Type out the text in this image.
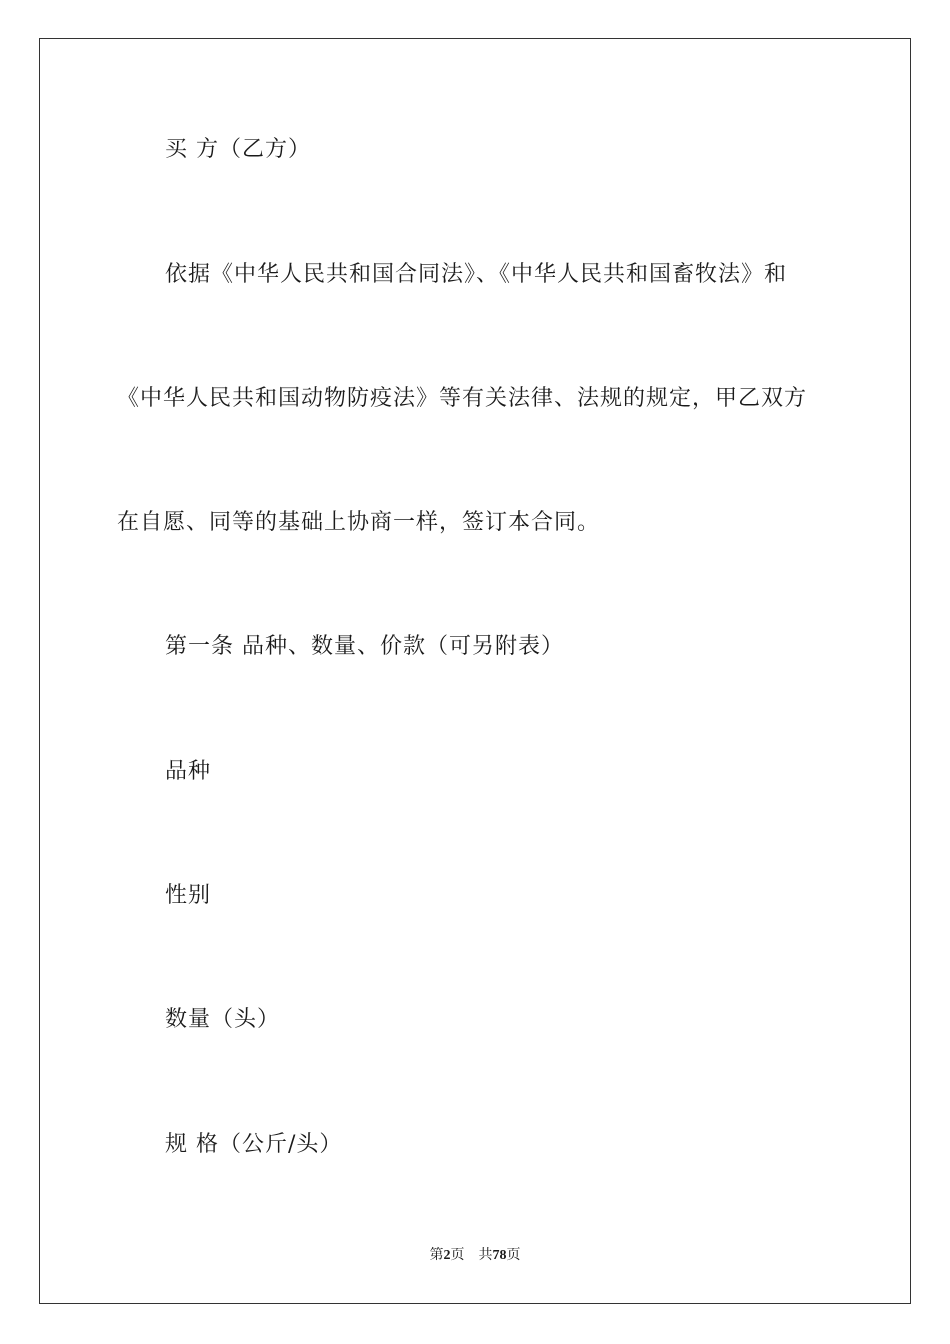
买 方（乙方）
依据《中华人民共和国合同法》、《中华人民共和国畜牧法》和
《中华人民共和国动物防疫法》等有关法律、法规的规定，甲乙双方
在自愿、同等的基础上协商一样，签订本合同。
第一条 品种、数量、价款（可另附表）
品种
性别
数量（头）
规 格（公斤/头）
第2页 共78页
